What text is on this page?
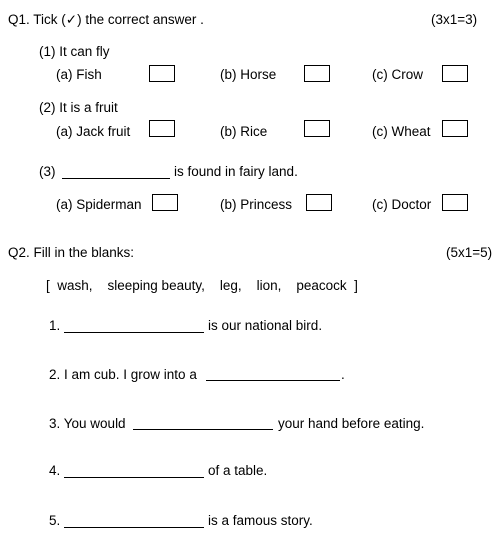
Q1. Tick (✓) the correct answer .	(3x1=3)
(1) It can fly
(a) Fish	(b) Horse	(c) Crow
(2) It is a fruit
(a) Jack fruit	(b) Rice	(c) Wheat
(3)	is found in fairy land.
(a) Spiderman	(b) Princess	(c) Doctor
Q2. Fill in the blanks:	(5x1=5)
[  wash,    sleeping beauty,    leg,    lion,    peacock  ]
1.	is our national bird.
2. I am cub. I grow into a	.
3. You would	your hand before eating.
4.	of a table.
5.	is a famous story.
